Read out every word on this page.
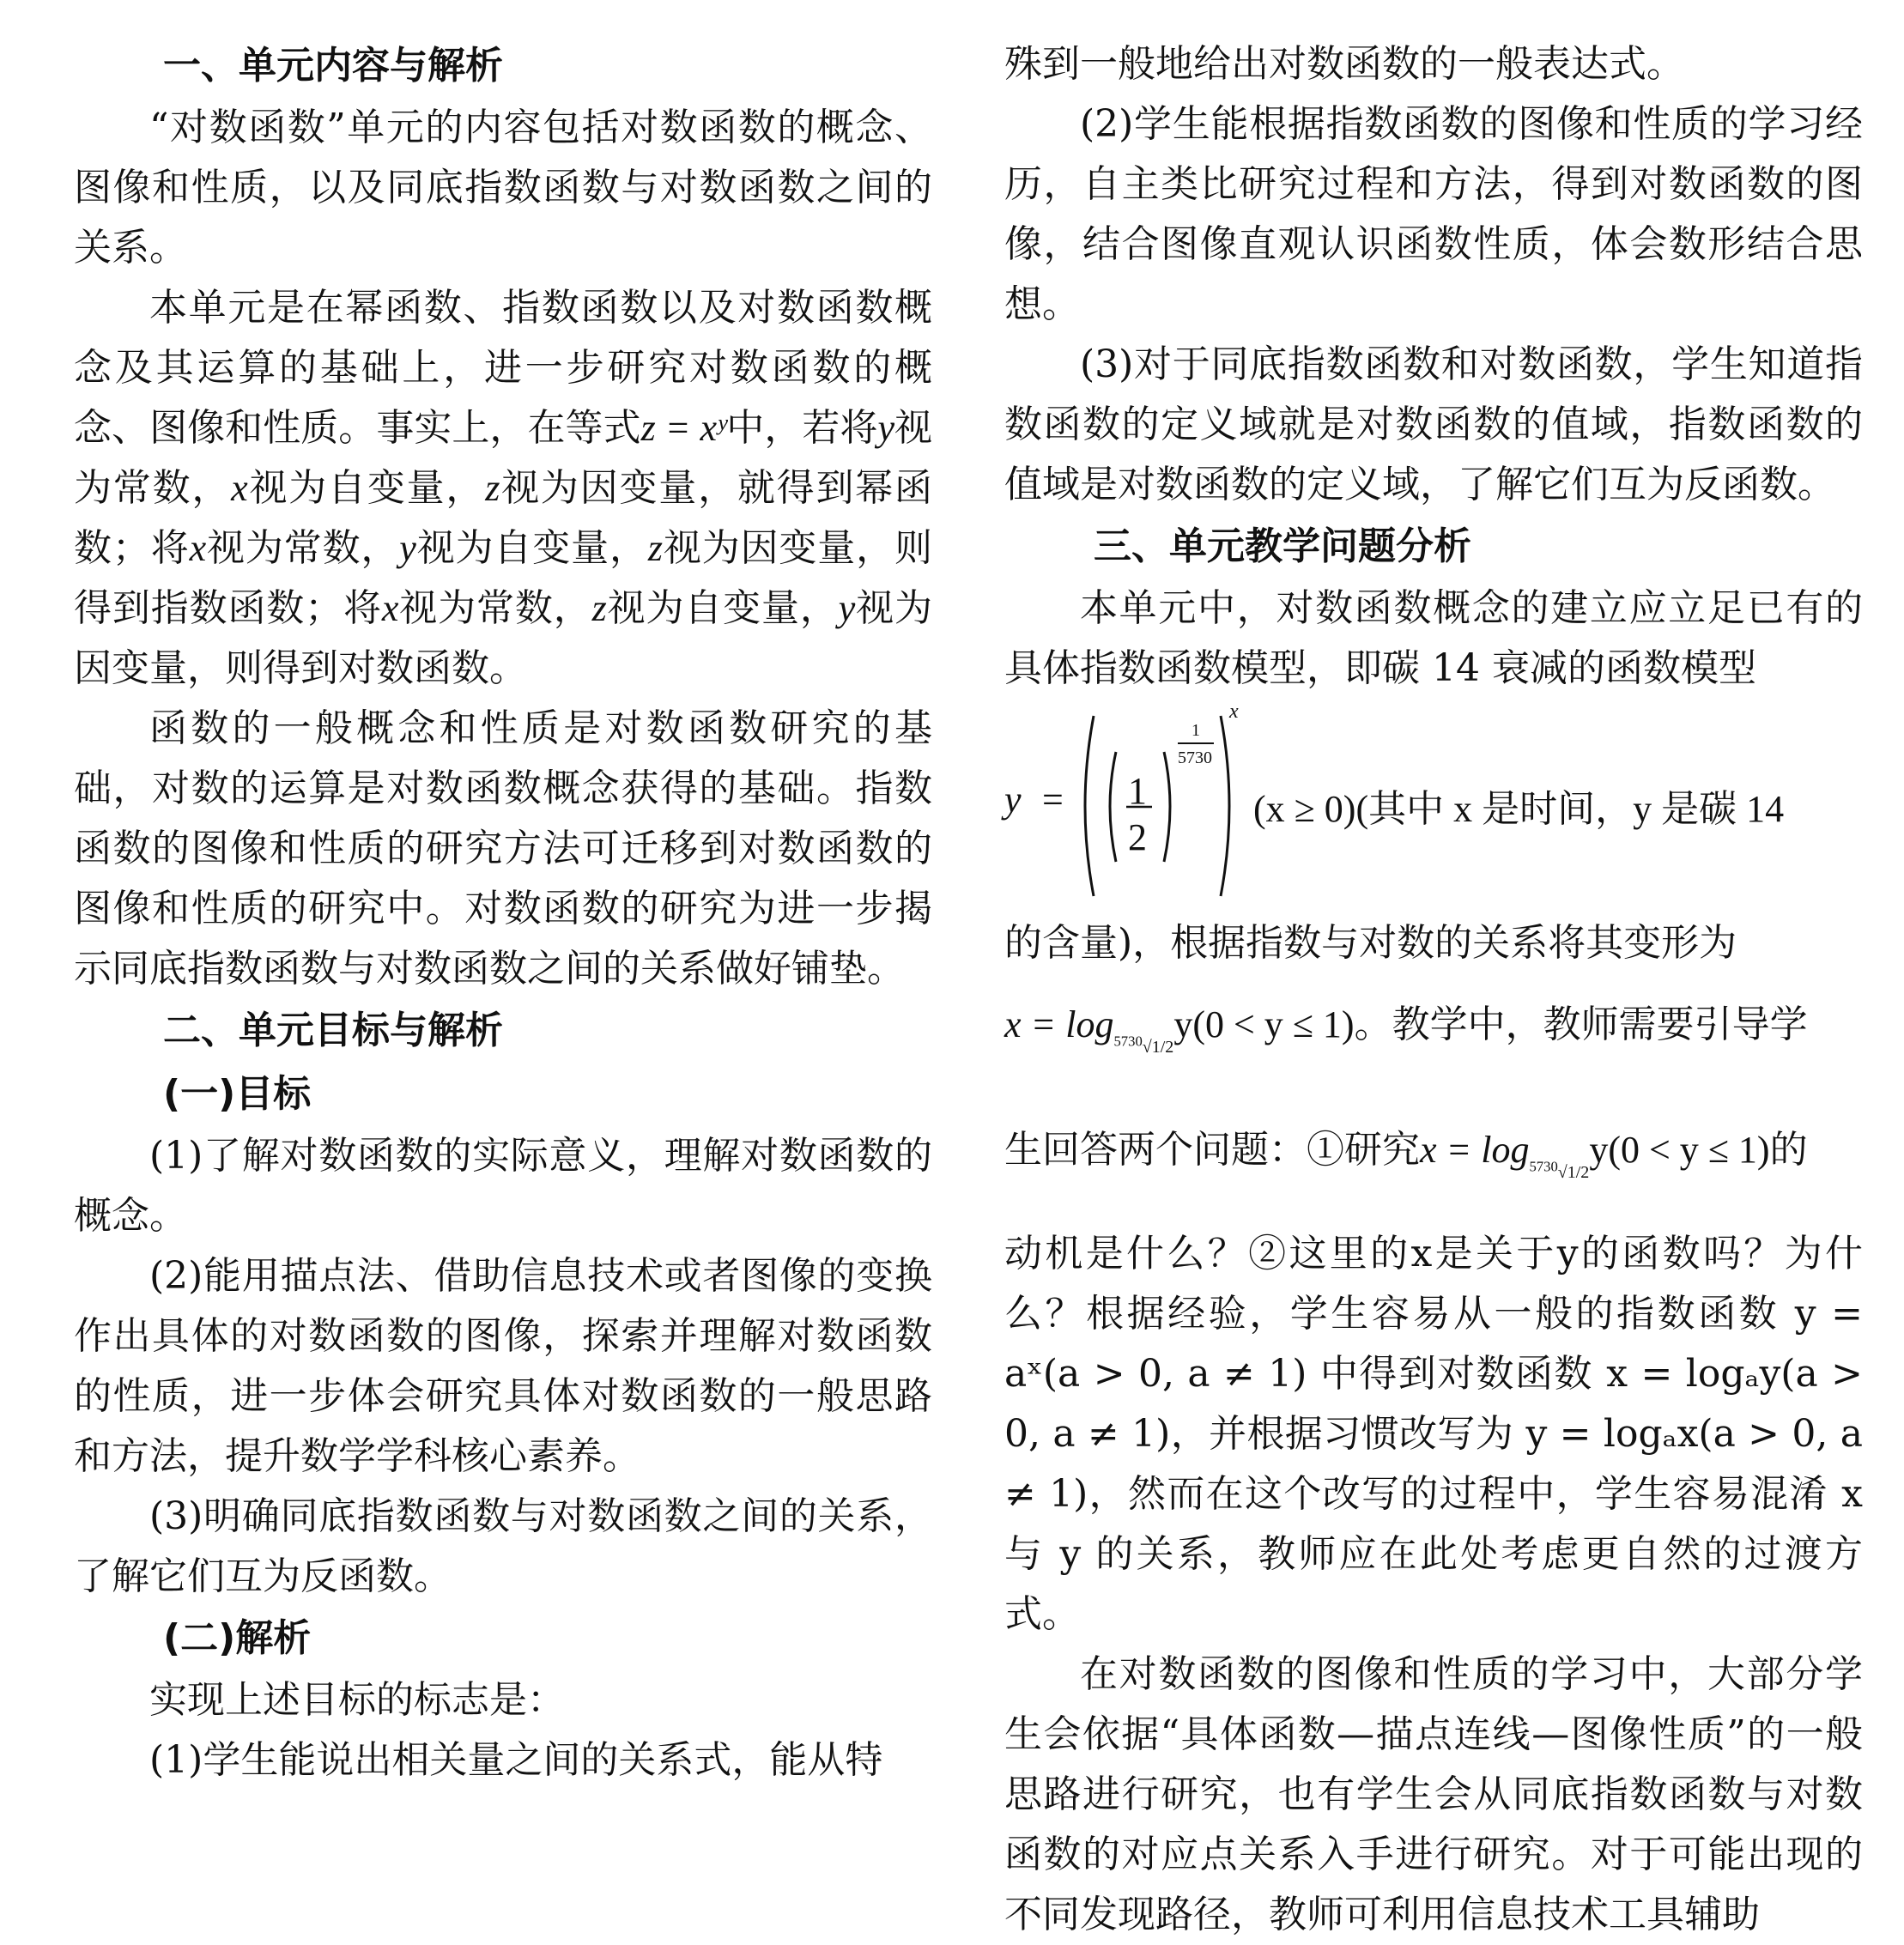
一、单元内容与解析

“对数函数”单元的内容包括对数函数的概念、图像和性质，以及同底指数函数与对数函数之间的关系。

本单元是在幂函数、指数函数以及对数函数概念及其运算的基础上，进一步研究对数函数的概念、图像和性质。事实上，在等式z = xʸ中，若将y视为常数，x视为自变量，z视为因变量，就得到幂函数；将x视为常数，y视为自变量，z视为因变量，则得到指数函数；将x视为常数，z视为自变量，y视为因变量，则得到对数函数。

函数的一般概念和性质是对数函数研究的基础，对数的运算是对数函数概念获得的基础。指数函数的图像和性质的研究方法可迁移到对数函数的图像和性质的研究中。对数函数的研究为进一步揭示同底指数函数与对数函数之间的关系做好铺垫。

二、单元目标与解析

(一)目标

(1)了解对数函数的实际意义，理解对数函数的概念。

(2)能用描点法、借助信息技术或者图像的变换作出具体的对数函数的图像，探索并理解对数函数的性质，进一步体会研究具体对数函数的一般思路和方法，提升数学学科核心素养。

(3)明确同底指数函数与对数函数之间的关系，了解它们互为反函数。

(二)解析

实现上述目标的标志是：

(1)学生能说出相关量之间的关系式，能从特

殊到一般地给出对数函数的一般表达式。

(2)学生能根据指数函数的图像和性质的学习经历，自主类比研究过程和方法，得到对数函数的图像，结合图像直观认识函数性质，体会数形结合思想。

(3)对于同底指数函数和对数函数，学生知道指数函数的定义域就是对数函数的值域，指数函数的值域是对数函数的定义域，了解它们互为反函数。

三、单元教学问题分析

本单元中，对数函数概念的建立应立足已有的具体指数函数模型，即碳 14 衰减的函数模型

y = 1
2
1
5730
x
(x ≥ 0)(其中 x 是时间，y 是碳 14

的含量)，根据指数与对数的关系将其变形为

$x = \log_{^{5730}√1/2}y(0 < y \le 1)$。教学中，教师需要引导学

生回答两个问题：①研究$x = \log_{^{5730}√1/2}y(0 < y \le 1)$的

动机是什么？②这里的x是关于y的函数吗？为什么？根据经验，学生容易从一般的指数函数 y = aˣ(a > 0, a ≠ 1) 中得到对数函数 x = logₐy(a > 0, a ≠ 1)，并根据习惯改写为 y = logₐx(a > 0, a ≠ 1)，然而在这个改写的过程中，学生容易混淆 x 与 y 的关系，教师应在此处考虑更自然的过渡方式。

在对数函数的图像和性质的学习中，大部分学生会依据“具体函数—描点连线—图像性质”的一般思路进行研究，也有学生会从同底指数函数与对数函数的对应点关系入手进行研究。对于可能出现的不同发现路径，教师可利用信息技术工具辅助
